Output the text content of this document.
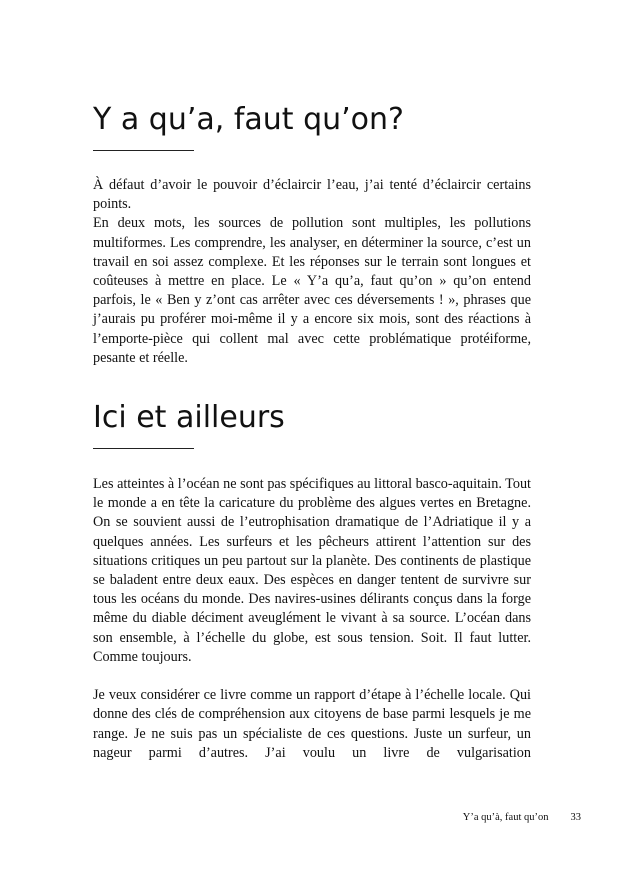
Y a qu’a, faut qu’on?

À défaut d’avoir le pouvoir d’éclaircir l’eau, j’ai tenté d’éclaircir certains points.

En deux mots, les sources de pollution sont multiples, les pollutions multiformes. Les comprendre, les analyser, en déterminer la source, c’est un travail en soi assez complexe. Et les réponses sur le terrain sont longues et coûteuses à mettre en place. Le « Y’a qu’a, faut qu’on » qu’on entend parfois, le « Ben y z’ont cas arrêter avec ces déversements ! », phrases que j’aurais pu proférer moi-même il y a encore six mois, sont des réactions à l’emporte-pièce qui collent mal avec cette problématique protéiforme, pesante et réelle.

Ici et ailleurs

Les atteintes à l’océan ne sont pas spécifiques au littoral basco-aquitain. Tout le monde a en tête la caricature du problème des algues vertes en Bretagne. On se souvient aussi de l’eutrophisation dramatique de l’Adriatique il y a quelques années. Les surfeurs et les pêcheurs attirent l’attention sur des situations critiques un peu partout sur la planète. Des continents de plastique se baladent entre deux eaux. Des espèces en danger tentent de survivre sur tous les océans du monde. Des navires-usines délirants conçus dans la forge même du diable déciment aveuglément le vivant à sa source. L’océan dans son ensemble, à l’échelle du globe, est sous tension. Soit. Il faut lutter. Comme toujours.

Je veux considérer ce livre comme un rapport d’étape à l’échelle locale. Qui donne des clés de compréhension aux citoyens de base parmi lesquels je me range. Je ne suis pas un spécialiste de ces questions. Juste un surfeur, un nageur parmi d’autres. J’ai voulu un livre de vulgarisation

Y’a qu’à, faut qu’on 33
